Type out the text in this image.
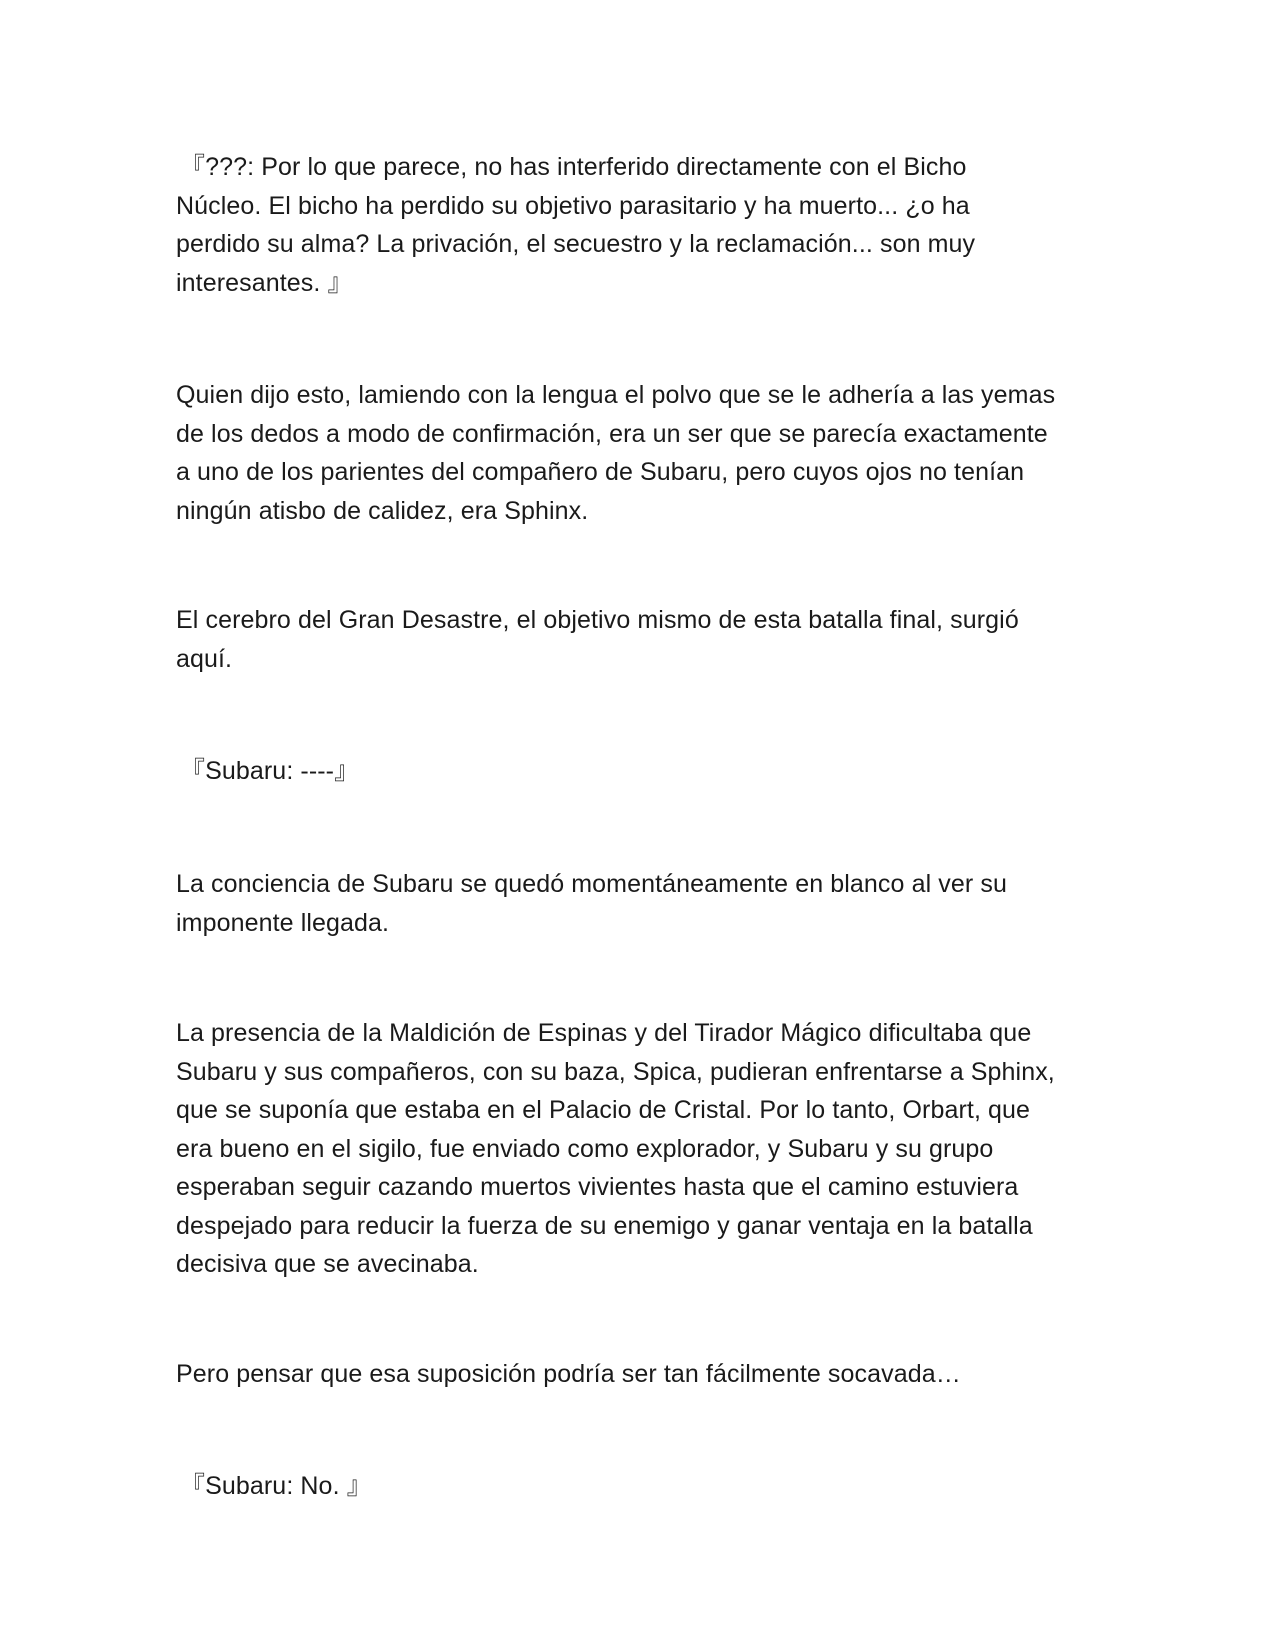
『???: Por lo que parece, no has interferido directamente con el Bicho
Núcleo. El bicho ha perdido su objetivo parasitario y ha muerto... ¿o ha
perdido su alma? La privación, el secuestro y la reclamación... son muy
interesantes. 』

Quien dijo esto, lamiendo con la lengua el polvo que se le adhería a las yemas
de los dedos a modo de confirmación, era un ser que se parecía exactamente
a uno de los parientes del compañero de Subaru, pero cuyos ojos no tenían
ningún atisbo de calidez, era Sphinx.

El cerebro del Gran Desastre, el objetivo mismo de esta batalla final, surgió
aquí.

『Subaru: ----』

La conciencia de Subaru se quedó momentáneamente en blanco al ver su
imponente llegada.

La presencia de la Maldición de Espinas y del Tirador Mágico dificultaba que
Subaru y sus compañeros, con su baza, Spica, pudieran enfrentarse a Sphinx,
que se suponía que estaba en el Palacio de Cristal. Por lo tanto, Orbart, que
era bueno en el sigilo, fue enviado como explorador, y Subaru y su grupo
esperaban seguir cazando muertos vivientes hasta que el camino estuviera
despejado para reducir la fuerza de su enemigo y ganar ventaja en la batalla
decisiva que se avecinaba.

Pero pensar que esa suposición podría ser tan fácilmente socavada…

『Subaru: No. 』
